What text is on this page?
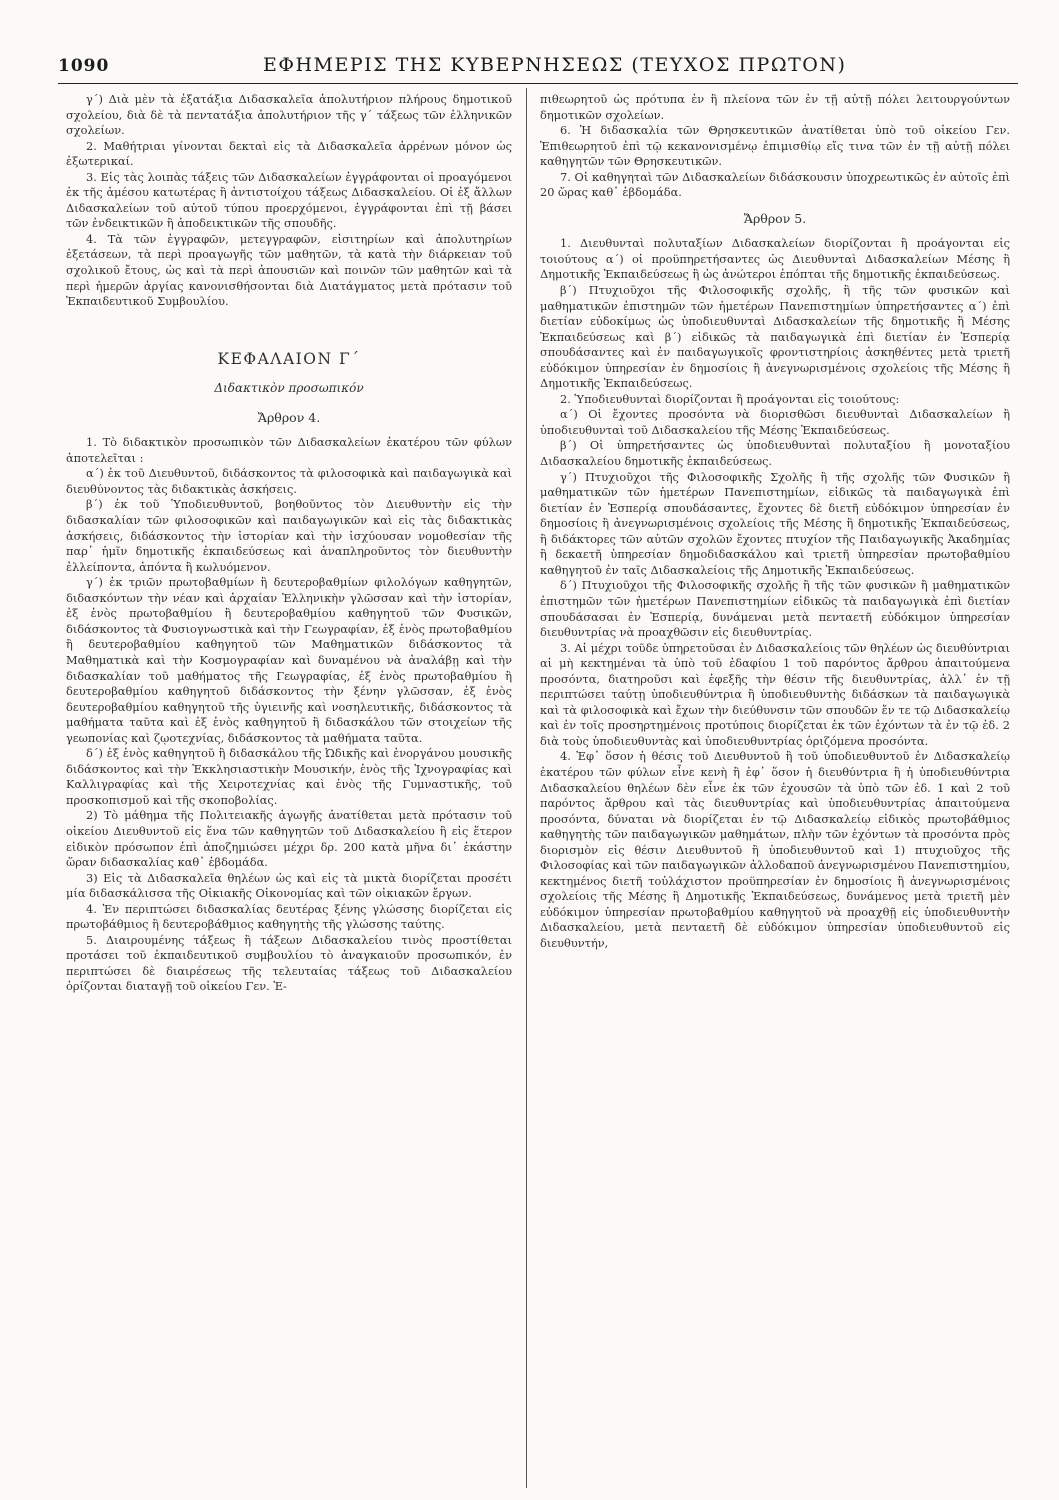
1090	ΕΦΗΜΕΡΙΣ ΤΗΣ ΚΥΒΕΡΝΗΣΕΩΣ (ΤΕΥΧΟΣ ΠΡΩΤΟΝ)

γ΄) Διὰ μὲν τὰ ἑξατάξια Διδασκαλεῖα ἀπολυτήριον πλήρους δημοτικοῦ σχολείου, διὰ δὲ τὰ πεντατάξια ἀπολυτήριον τῆς γ΄ τάξεως τῶν ἑλληνικῶν σχολείων.

2. Μαθήτριαι γίνονται δεκταὶ εἰς τὰ Διδασκαλεῖα ἀρρένων μόνον ὡς ἐξωτερικαί.

3. Εἰς τὰς λοιπὰς τάξεις τῶν Διδασκαλείων ἐγγράφονται οἱ προαγόμενοι ἐκ τῆς ἀμέσου κατωτέρας ἢ ἀντιστοίχου τάξεως Διδασκαλείου. Οἱ ἐξ ἄλλων Διδασκαλείων τοῦ αὐτοῦ τύπου προερχόμενοι, ἐγγράφονται ἐπὶ τῇ βάσει τῶν ἐνδεικτικῶν ἢ ἀποδεικτικῶν τῆς σπουδῆς.

4. Τὰ τῶν ἐγγραφῶν, μετεγγραφῶν, εἰσιτηρίων καὶ ἀπολυτηρίων ἐξετάσεων, τὰ περὶ προαγωγῆς τῶν μαθητῶν, τὰ κατὰ τὴν διάρκειαν τοῦ σχολικοῦ ἔτους, ὡς καὶ τὰ περὶ ἀπουσιῶν καὶ ποινῶν τῶν μαθητῶν καὶ τὰ περὶ ἡμερῶν ἀργίας κανονισθήσονται διὰ Διατάγματος μετὰ πρότασιν τοῦ Ἐκπαιδευτικοῦ Συμβουλίου.

ΚΕΦΑΛΑΙΟΝ Γ΄

Διδακτικὸν προσωπικόν

Ἄρθρον 4.

1. Τὸ διδακτικὸν προσωπικὸν τῶν Διδασκαλείων ἑκατέρου τῶν φύλων ἀποτελεῖται :

α΄) ἐκ τοῦ Διευθυντοῦ, διδάσκοντος τὰ φιλοσοφικὰ καὶ παιδαγωγικὰ καὶ διευθύνοντος τὰς διδακτικὰς ἀσκήσεις.

β΄) ἐκ τοῦ Ὑποδιευθυντοῦ, βοηθοῦντος τὸν Διευθυντὴν εἰς τὴν διδασκαλίαν τῶν φιλοσοφικῶν καὶ παιδαγωγικῶν καὶ εἰς τὰς διδακτικὰς ἀσκήσεις, διδάσκοντος τὴν ἱστορίαν καὶ τὴν ἰσχύουσαν νομοθεσίαν τῆς παρ᾽ ἡμῖν δημοτικῆς ἐκπαιδεύσεως καὶ ἀναπληροῦντος τὸν διευθυντὴν ἐλλείποντα, ἀπόντα ἢ κωλυόμενον.

γ΄) ἐκ τριῶν πρωτοβαθμίων ἢ δευτεροβαθμίων φιλολόγων καθηγητῶν, διδασκόντων τὴν νέαν καὶ ἀρχαίαν Ἑλληνικὴν γλῶσσαν καὶ τὴν ἱστορίαν, ἐξ ἑνὸς πρωτοβαθμίου ἢ δευτεροβαθμίου καθηγητοῦ τῶν Φυσικῶν, διδάσκοντος τὰ Φυσιογνωστικὰ καὶ τὴν Γεωγραφίαν, ἐξ ἑνὸς πρωτοβαθμίου ἢ δευτεροβαθμίου καθηγητοῦ τῶν Μαθηματικῶν διδάσκοντος τὰ Μαθηματικὰ καὶ τὴν Κοσμογραφίαν καὶ δυναμένου νὰ ἀναλάβῃ καὶ τὴν διδασκαλίαν τοῦ μαθήματος τῆς Γεωγραφίας, ἐξ ἑνὸς πρωτοβαθμίου ἢ δευτεροβαθμίου καθηγητοῦ διδάσκοντος τὴν ξένην γλῶσσαν, ἐξ ἑνὸς δευτεροβαθμίου καθηγητοῦ τῆς ὑγιεινῆς καὶ νοσηλευτικῆς, διδάσκοντος τὰ μαθήματα ταῦτα καὶ ἐξ ἑνὸς καθηγητοῦ ἢ διδασκάλου τῶν στοιχείων τῆς γεωπονίας καὶ ζῳοτεχνίας, διδάσκοντος τὰ μαθήματα ταῦτα.

δ΄) ἐξ ἑνὸς καθηγητοῦ ἢ διδασκάλου τῆς Ὠδικῆς καὶ ἐνοργάνου μουσικῆς διδάσκοντος καὶ τὴν Ἐκκλησιαστικὴν Μουσικήν, ἑνὸς τῆς Ἰχνογραφίας καὶ Καλλιγραφίας καὶ τῆς Χειροτεχνίας καὶ ἑνὸς τῆς Γυμναστικῆς, τοῦ προσκοπισμοῦ καὶ τῆς σκοποβολίας.

2) Τὸ μάθημα τῆς Πολιτειακῆς ἀγωγῆς ἀνατίθεται μετὰ πρότασιν τοῦ οἰκείου Διευθυντοῦ εἰς ἕνα τῶν καθηγητῶν τοῦ Διδασκαλείου ἢ εἰς ἕτερον εἰδικὸν πρόσωπον ἐπὶ ἀποζημιώσει μέχρι δρ. 200 κατὰ μῆνα δι᾽ ἑκάστην ὥραν διδασκαλίας καθ᾽ ἑβδομάδα.

3) Εἰς τὰ Διδασκαλεῖα θηλέων ὡς καὶ εἰς τὰ μικτὰ διορίζεται προσέτι μία διδασκάλισσα τῆς Οἰκιακῆς Οἰκονομίας καὶ τῶν οἰκιακῶν ἔργων.

4. Ἐν περιπτώσει διδασκαλίας δευτέρας ξένης γλώσσης διορίζεται εἰς πρωτοβάθμιος ἢ δευτεροβάθμιος καθηγητὴς τῆς γλώσσης ταύτης.

5. Διαιρουμένης τάξεως ἢ τάξεων Διδασκαλείου τινὸς προστίθεται προτάσει τοῦ ἐκπαιδευτικοῦ συμβουλίου τὸ ἀναγκαιοῦν προσωπικόν, ἐν περιπτώσει δὲ διαιρέσεως τῆς τελευταίας τάξεως τοῦ Διδασκαλείου ὁρίζονται διαταγῇ τοῦ οἰκείου Γεν. Ἐ-

πιθεωρητοῦ ὡς πρότυπα ἐν ἢ πλείονα τῶν ἐν τῇ αὐτῇ πόλει λειτουργούντων δημοτικῶν σχολείων.

6. Ἡ διδασκαλία τῶν Θρησκευτικῶν ἀνατίθεται ὑπὸ τοῦ οἰκείου Γεν. Ἐπιθεωρητοῦ ἐπὶ τῷ κεκανονισμένῳ ἐπιμισθίῳ εἴς τινα τῶν ἐν τῇ αὐτῇ πόλει καθηγητῶν τῶν Θρησκευτικῶν.

7. Οἱ καθηγηταὶ τῶν Διδασκαλείων διδάσκουσιν ὑποχρεωτικῶς ἐν αὐτοῖς ἐπὶ 20 ὥρας καθ᾽ ἑβδομάδα.

Ἄρθρον 5.

1. Διευθυνταὶ πολυταξίων Διδασκαλείων διορίζονται ἢ προάγονται εἰς τοιούτους α΄) οἱ προϋπηρετήσαντες ὡς Διευθυνταὶ Διδασκαλείων Μέσης ἢ Δημοτικῆς Ἐκπαιδεύσεως ἢ ὡς ἀνώτεροι ἐπόπται τῆς δημοτικῆς ἐκπαιδεύσεως.

β΄) Πτυχιοῦχοι τῆς Φιλοσοφικῆς σχολῆς, ἢ τῆς τῶν φυσικῶν καὶ μαθηματικῶν ἐπιστημῶν τῶν ἡμετέρων Πανεπιστημίων ὑπηρετήσαντες α΄) ἐπὶ διετίαν εὐδοκίμως ὡς ὑποδιευθυνταὶ Διδασκαλείων τῆς δημοτικῆς ἢ Μέσης Ἐκπαιδεύσεως καὶ β΄) εἰδικῶς τὰ παιδαγωγικὰ ἐπὶ διετίαν ἐν Ἑσπερίᾳ σπουδάσαντες καὶ ἐν παιδαγωγικοῖς φροντιστηρίοις ἀσκηθέντες μετὰ τριετῆ εὐδόκιμον ὑπηρεσίαν ἐν δημοσίοις ἢ ἀνεγνωρισμένοις σχολείοις τῆς Μέσης ἢ Δημοτικῆς Ἐκπαιδεύσεως.

2. Ὑποδιευθυνταὶ διορίζονται ἢ προάγονται εἰς τοιούτους:

α΄) Οἱ ἔχοντες προσόντα νὰ διορισθῶσι διευθυνταὶ Διδασκαλείων ἢ ὑποδιευθυνταὶ τοῦ Διδασκαλείου τῆς Μέσης Ἐκπαιδεύσεως.

β΄) Οἱ ὑπηρετήσαντες ὡς ὑποδιευθυνταὶ πολυταξίου ἢ μονοταξίου Διδασκαλείου δημοτικῆς ἐκπαιδεύσεως.

γ΄) Πτυχιοῦχοι τῆς Φιλοσοφικῆς Σχολῆς ἢ τῆς σχολῆς τῶν Φυσικῶν ἢ μαθηματικῶν τῶν ἡμετέρων Πανεπιστημίων, εἰδικῶς τὰ παιδαγωγικὰ ἐπὶ διετίαν ἐν Ἑσπερίᾳ σπουδάσαντες, ἔχοντες δὲ διετῆ εὐδόκιμον ὑπηρεσίαν ἐν δημοσίοις ἢ ἀνεγνωρισμένοις σχολείοις τῆς Μέσης ἢ δημοτικῆς Ἐκπαιδεύσεως, ἢ διδάκτορες τῶν αὐτῶν σχολῶν ἔχοντες πτυχίον τῆς Παιδαγωγικῆς Ἀκαδημίας ἢ δεκαετῆ ὑπηρεσίαν δημοδιδασκάλου καὶ τριετῆ ὑπηρεσίαν πρωτοβαθμίου καθηγητοῦ ἐν ταῖς Διδασκαλείοις τῆς Δημοτικῆς Ἐκπαιδεύσεως.

δ΄) Πτυχιοῦχοι τῆς Φιλοσοφικῆς σχολῆς ἢ τῆς τῶν φυσικῶν ἢ μαθηματικῶν ἐπιστημῶν τῶν ἡμετέρων Πανεπιστημίων εἰδικῶς τὰ παιδαγωγικὰ ἐπὶ διετίαν σπουδάσασαι ἐν Ἑσπερίᾳ, δυνάμεναι μετὰ πενταετῆ εὐδόκιμον ὑπηρεσίαν διευθυντρίας νὰ προαχθῶσιν εἰς διευθυντρίας.

3. Αἱ μέχρι τοῦδε ὑπηρετοῦσαι ἐν Διδασκαλείοις τῶν θηλέων ὡς διευθύντριαι αἱ μὴ κεκτημέναι τὰ ὑπὸ τοῦ ἐδαφίου 1 τοῦ παρόντος ἄρθρου ἀπαιτούμενα προσόντα, διατηροῦσι καὶ ἐφεξῆς τὴν θέσιν τῆς διευθυντρίας, ἀλλ᾽ ἐν τῇ περιπτώσει ταύτῃ ὑποδιευθύντρια ἢ ὑποδιευθυντὴς διδάσκων τὰ παιδαγωγικὰ καὶ τὰ φιλοσοφικὰ καὶ ἔχων τὴν διεύθυνσιν τῶν σπουδῶν ἔν τε τῷ Διδασκαλείῳ καὶ ἐν τοῖς προσηρτημένοις προτύποις διορίζεται ἐκ τῶν ἐχόντων τὰ ἐν τῷ ἐδ. 2 διὰ τοὺς ὑποδιευθυντὰς καὶ ὑποδιευθυντρίας ὁριζόμενα προσόντα.

4. Ἐφ᾽ ὅσον ἡ θέσις τοῦ Διευθυντοῦ ἢ τοῦ ὑποδιευθυντοῦ ἐν Διδασκαλείῳ ἑκατέρου τῶν φύλων εἶνε κενὴ ἢ ἐφ᾽ ὅσον ἡ διευθύντρια ἢ ἡ ὑποδιευθύντρια Διδασκαλείου θηλέων δὲν εἶνε ἐκ τῶν ἐχουσῶν τὰ ὑπὸ τῶν ἐδ. 1 καὶ 2 τοῦ παρόντος ἄρθρου καὶ τὰς διευθυντρίας καὶ ὑποδιευθυντρίας ἀπαιτούμενα προσόντα, δύναται νὰ διορίζεται ἐν τῷ Διδασκαλείῳ εἰδικὸς πρωτοβάθμιος καθηγητὴς τῶν παιδαγωγικῶν μαθημάτων, πλὴν τῶν ἐχόντων τὰ προσόντα πρὸς διορισμὸν εἰς θέσιν Διευθυντοῦ ἢ ὑποδιευθυντοῦ καὶ 1) πτυχιοῦχος τῆς Φιλοσοφίας καὶ τῶν παιδαγωγικῶν ἀλλοδαποῦ ἀνεγνωρισμένου Πανεπιστημίου, κεκτημένος διετῆ τοὐλάχιστον προϋπηρεσίαν ἐν δημοσίοις ἢ ἀνεγνωρισμένοις σχολείοις τῆς Μέσης ἢ Δημοτικῆς Ἐκπαιδεύσεως, δυνάμενος μετὰ τριετῆ μὲν εὐδόκιμον ὑπηρεσίαν πρωτοβαθμίου καθηγητοῦ νὰ προαχθῇ εἰς ὑποδιευθυντὴν Διδασκαλείου, μετὰ πενταετῆ δὲ εὐδόκιμον ὑπηρεσίαν ὑποδιευθυντοῦ εἰς διευθυντήν,
